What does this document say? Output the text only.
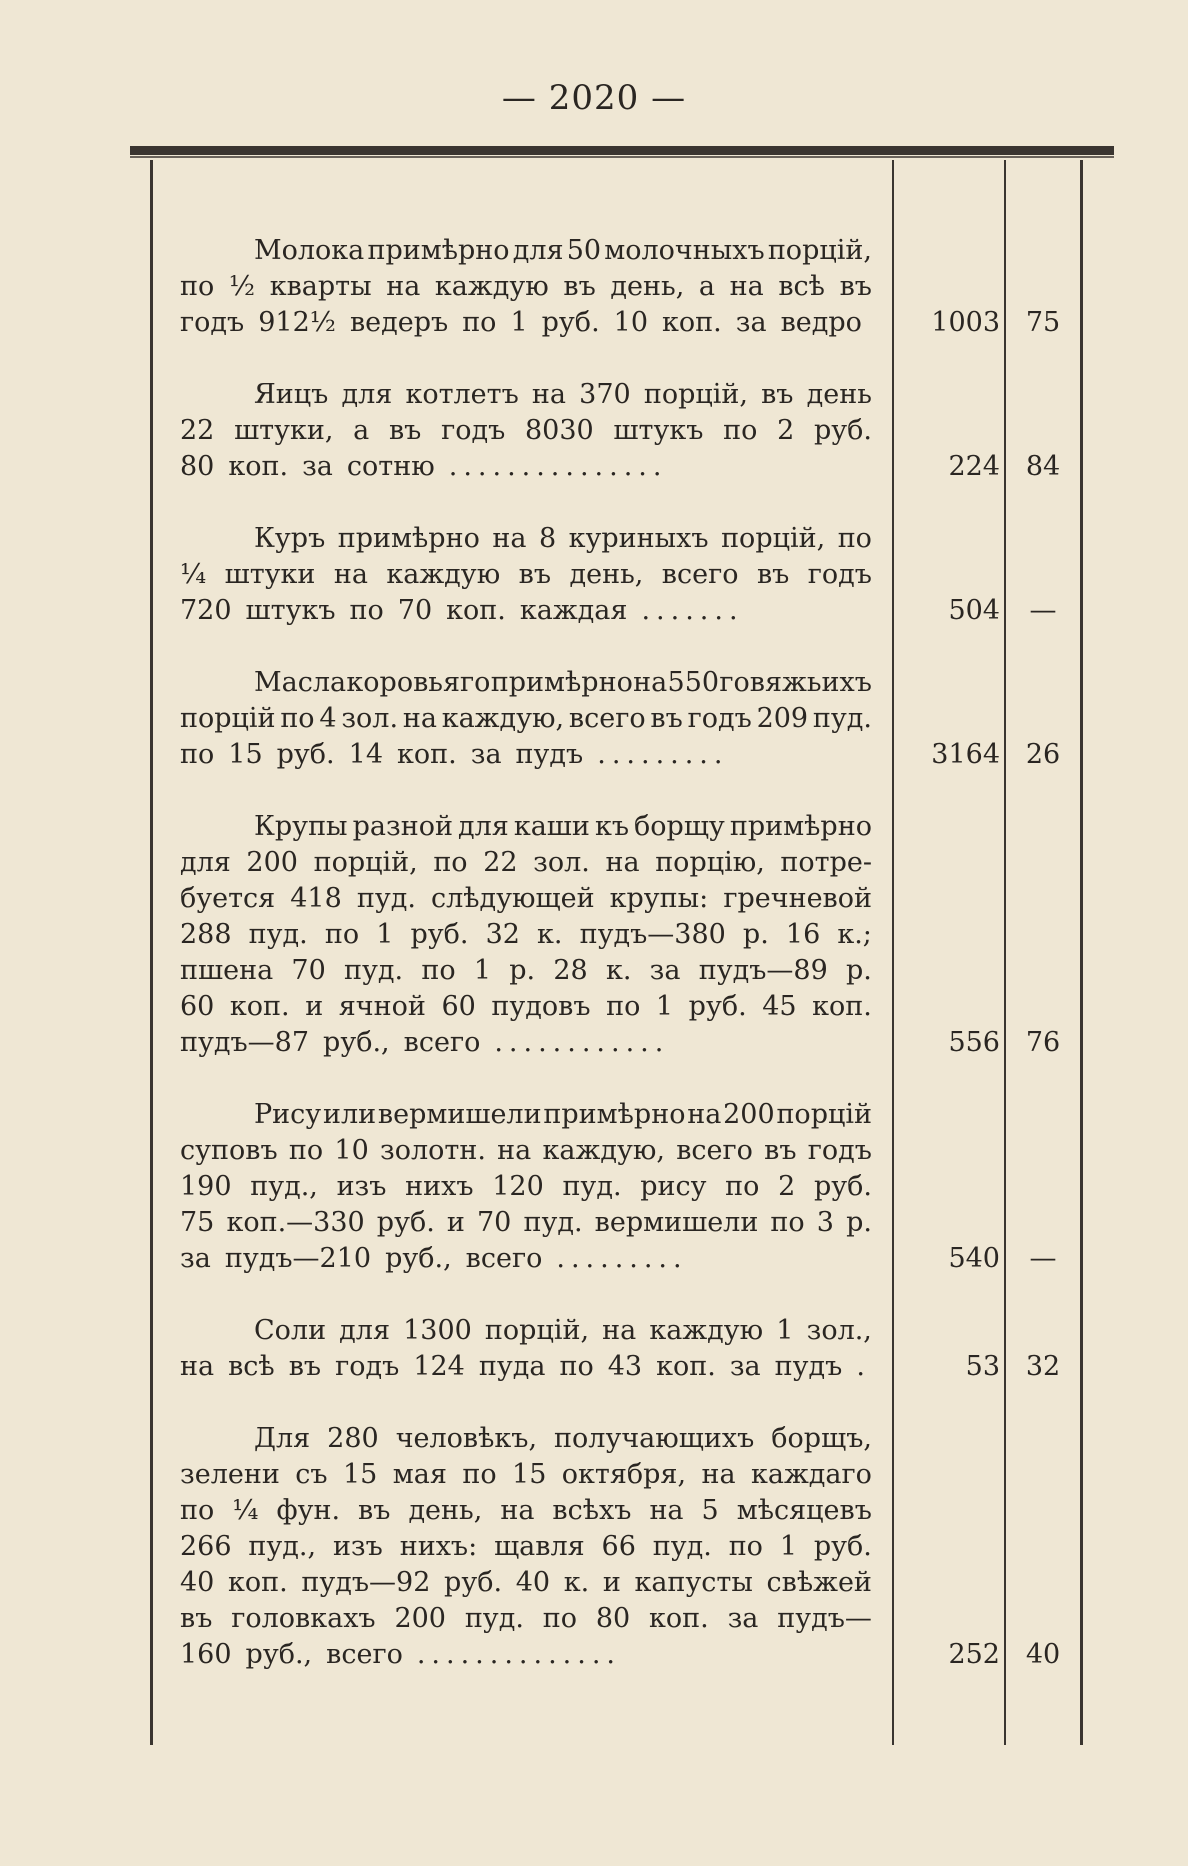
— 2020 —
Молока примѣрно для 50 молочныхъ порцій,
по ½ кварты на каждую въ день, а на всѣ въ
годъ 912½ ведеръ по 1 руб. 10 коп. за ведро	1003 75
Яицъ для котлетъ на 370 порцій, въ день
22 штуки, а въ годъ 8030 штукъ по 2 руб.
80 коп. за сотню ...............	224 84
Куръ примѣрно на 8 куриныхъ порцій, по
¼ штуки на каждую въ день, всего въ годъ
720 штукъ по 70 коп. каждая .......	504	—
Масла коровьяго примѣрно на 550 говяжьихъ
порцій по 4 зол. на каждую, всего въ годъ 209 пуд.
по 15 руб. 14 коп. за пудъ .........	3164 26
Крупы разной для каши къ борщу примѣрно
для 200 порцій, по 22 зол. на порцію, потре-
буется 418 пуд. слѣдующей крупы: гречневой
288 пуд. по 1 руб. 32 к. пудъ—380 р. 16 к.;
пшена 70 пуд. по 1 р. 28 к. за пудъ—89 р.
60 коп. и ячной 60 пудовъ по 1 руб. 45 коп.
пудъ—87 руб., всего ............	556 76
Рису или вермишели примѣрно на 200 порцій
суповъ по 10 золотн. на каждую, всего въ годъ
190 пуд., изъ нихъ 120 пуд. рису по 2 руб.
75 коп.—330 руб. и 70 пуд. вермишели по 3 р.
за пудъ—210 руб., всего .........	540	—
Соли для 1300 порцій, на каждую 1 зол.,
на всѣ въ годъ 124 пуда по 43 коп. за пудъ .	53 32
Для 280 человѣкъ, получающихъ борщъ,
зелени съ 15 мая по 15 октября, на каждаго
по ¼ фун. въ день, на всѣхъ на 5 мѣсяцевъ
266 пуд., изъ нихъ: щавля 66 пуд. по 1 руб.
40 коп. пудъ—92 руб. 40 к. и капусты свѣжей
въ головкахъ 200 пуд. по 80 коп. за пудъ—
160 руб., всего ..............	252 40
